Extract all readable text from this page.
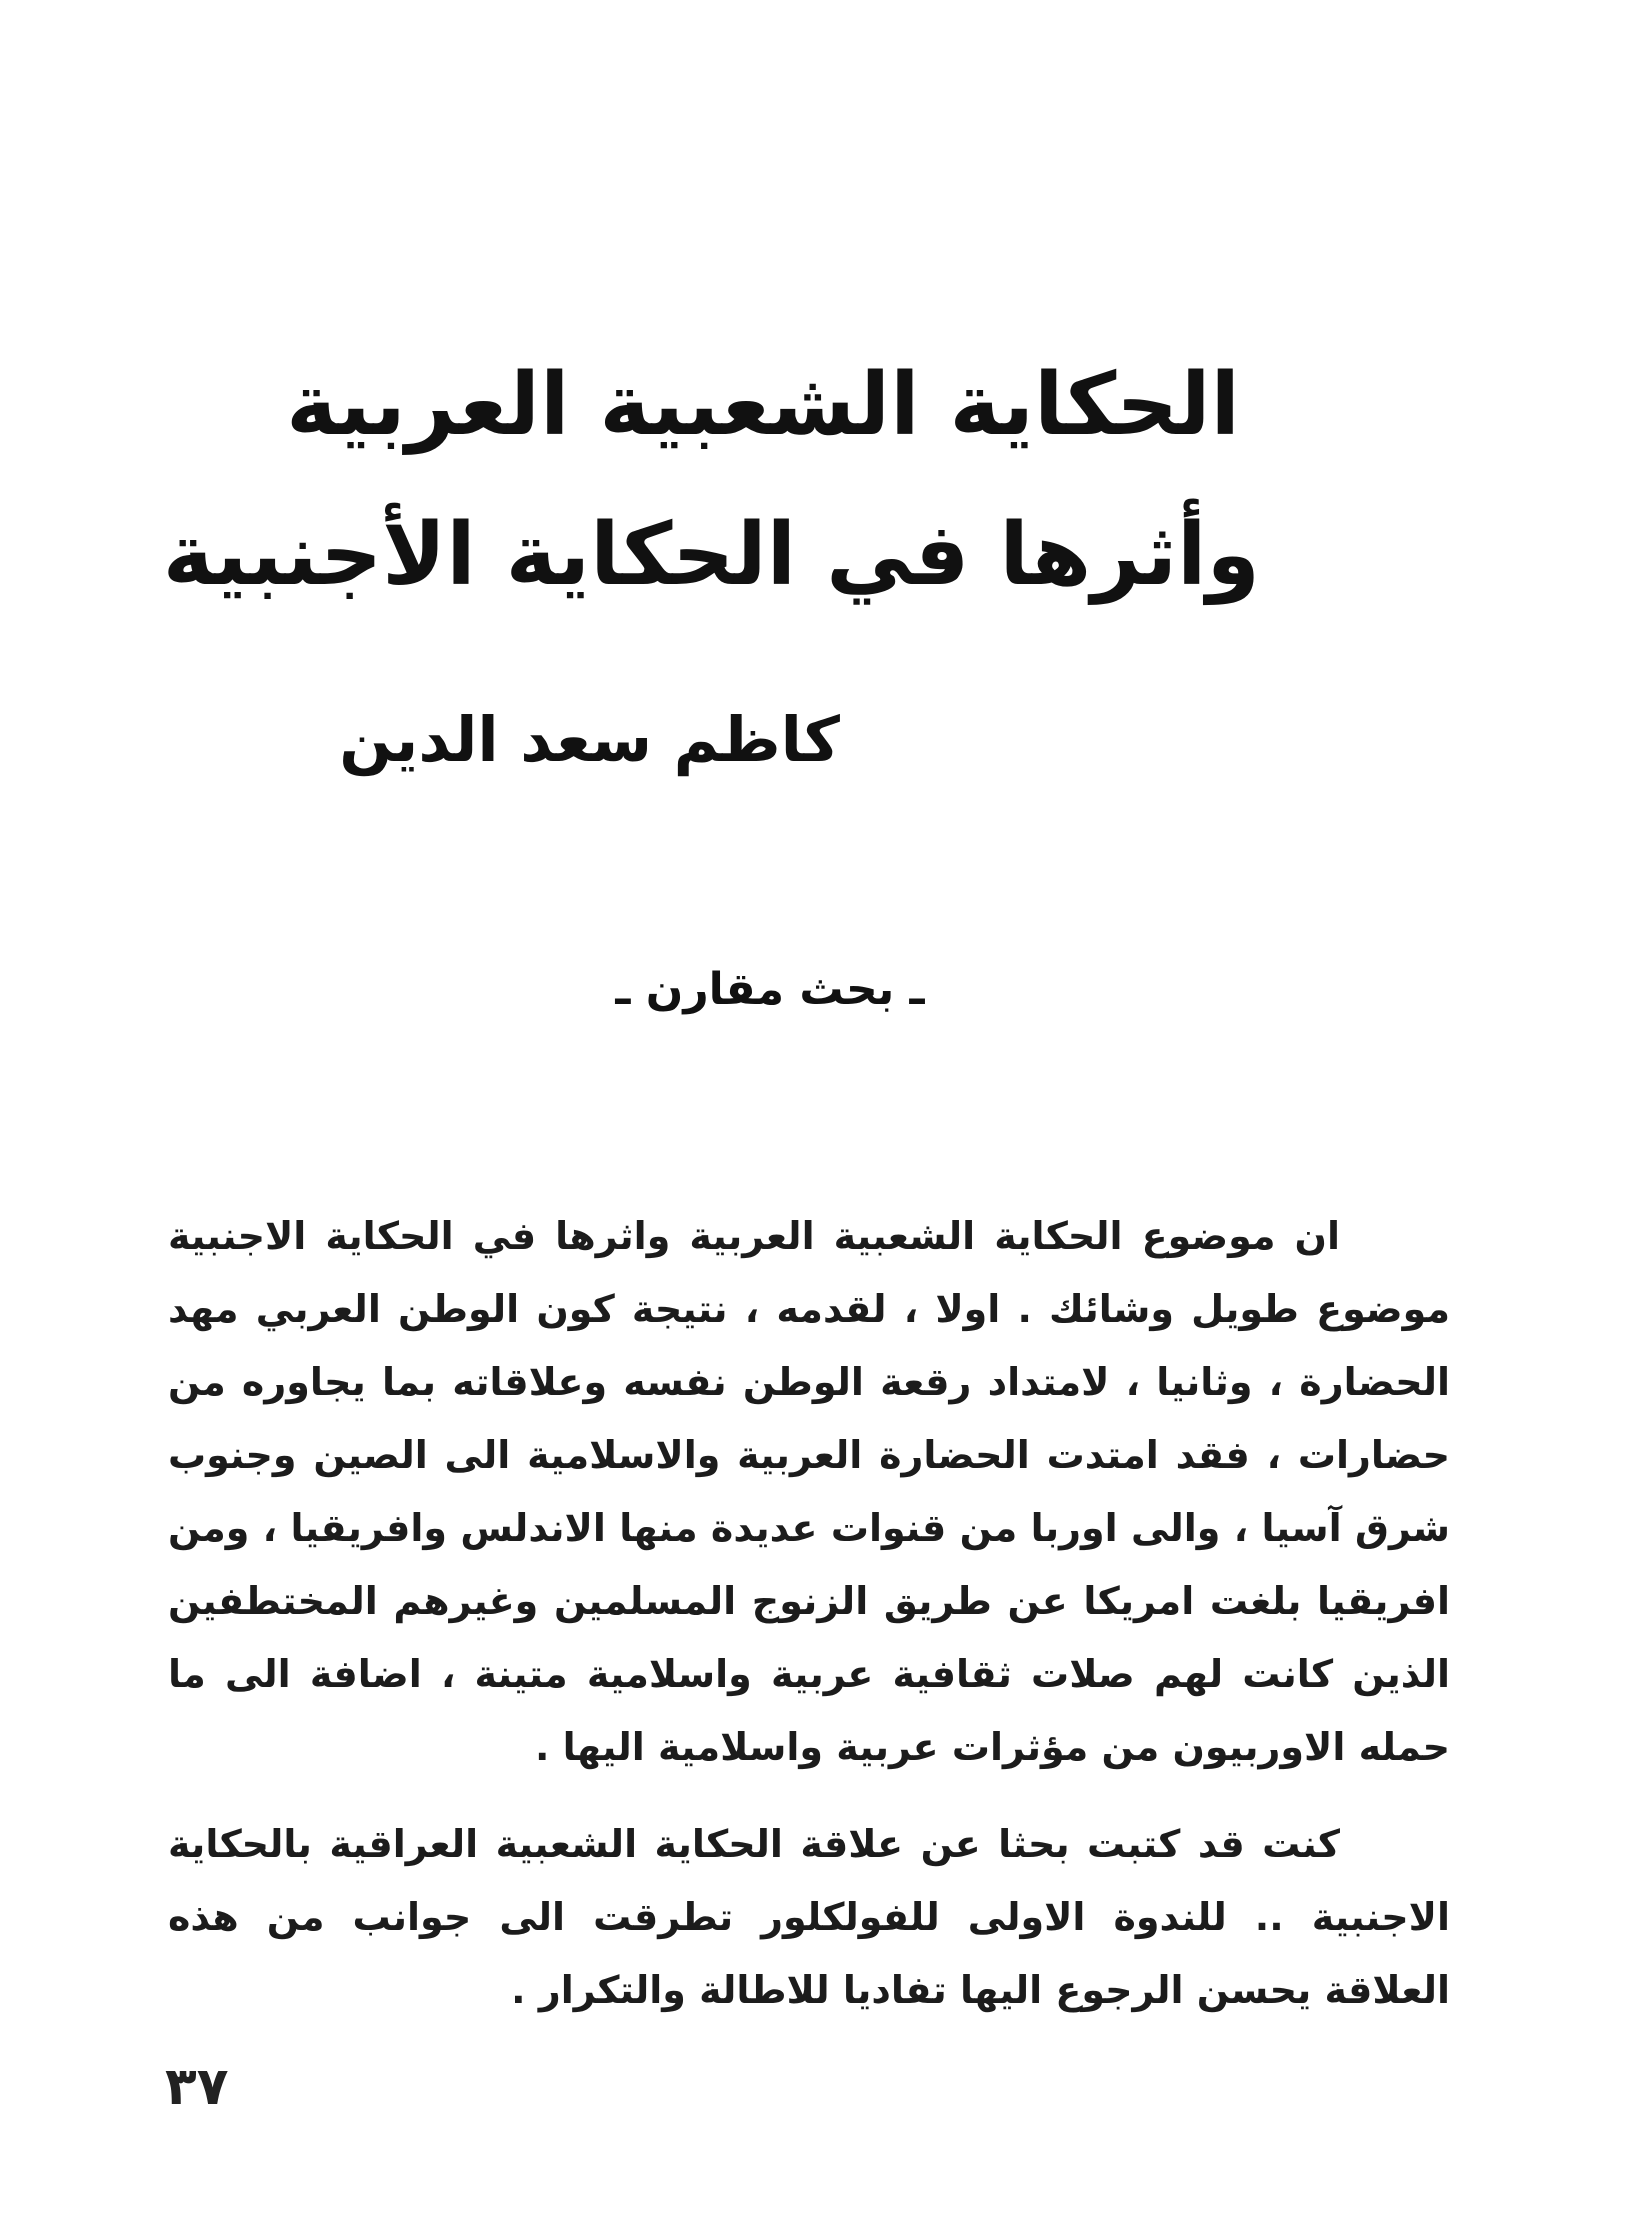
الحكاية الشعبية العربية
وأثرها في الحكاية الأجنبية
كاظم سعد الدين
ـ بحث مقارن ـ
ان موضوع الحكاية الشعبية العربية واثرها في الحكاية الاجنبية موضوع طويل وشائك . اولا ، لقدمه ، نتيجة كون الوطن العربي مهد الحضارة ، وثانيا ، لامتداد رقعة الوطن نفسه وعلاقاته بما يجاوره من حضارات ، فقد امتدت الحضارة العربية والاسلامية الى الصين وجنوب شرق آسيا ، والى اوربا من قنوات عديدة منها الاندلس وافريقيا ، ومن افريقيا بلغت امريكا عن طريق الزنوج المسلمين وغيرهم المختطفين الذين كانت لهم صلات ثقافية عربية واسلامية متينة ، اضافة الى ما حمله الاوربيون من مؤثرات عربية واسلامية اليها .
كنت قد كتبت بحثا عن علاقة الحكاية الشعبية العراقية بالحكاية الاجنبية .. للندوة الاولى للفولكلور تطرقت الى جوانب من هذه العلاقة يحسن الرجوع اليها تفاديا للاطالة والتكرار .
٣٧
